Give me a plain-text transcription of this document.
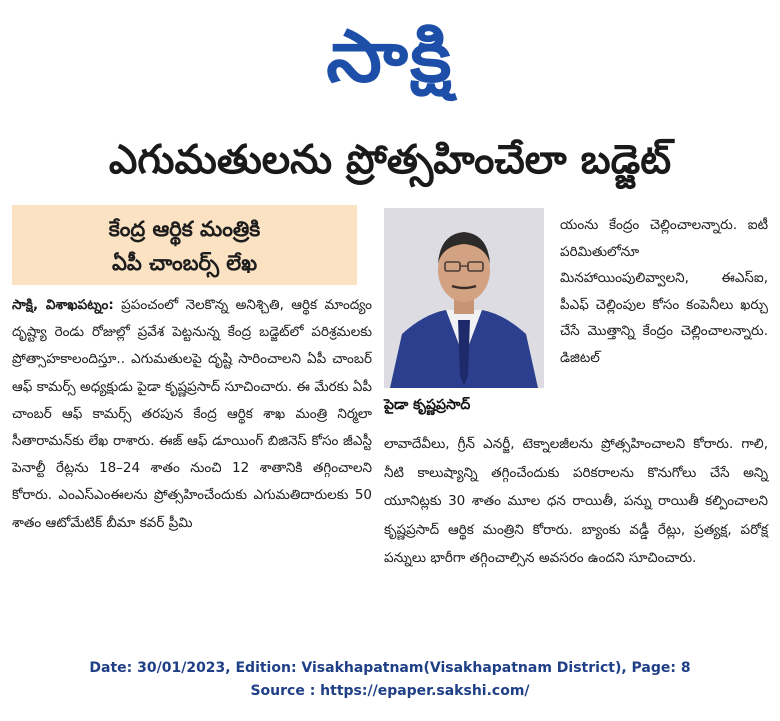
సాక్షి
ఎగుమతులను ప్రోత్సహించేలా బడ్జెట్
కేంద్ర ఆర్థిక మంత్రికి
ఏపీ చాంబర్స్ లేఖ
సాక్షి, విశాఖపట్నం: ప్రపంచంలో నెలకొన్న అనిశ్చితి, ఆర్థిక మాంద్యం దృష్ట్యా రెండు రోజుల్లో ప్రవేశ పెట్టనున్న కేంద్ర బడ్జెట్‌లో పరిశ్రమలకు ప్రోత్సాహకాలందిస్తూ.. ఎగుమతులపై దృష్టి సారించాలని ఏపీ చాంబర్ ఆఫ్ కామర్స్ అధ్యక్షుడు పైడా కృష్ణప్రసాద్ సూచించారు. ఈ మేరకు ఏపీ చాంబర్ ఆఫ్ కామర్స్ తరపున కేంద్ర ఆర్థిక శాఖ మంత్రి నిర్మలా సీతారామన్‌కు లేఖ రాశారు. ఈజ్ ఆఫ్ డూయింగ్ బిజినెస్ కోసం జీఎస్టీ పెనాల్టీ రేట్లను 18–24 శాతం నుంచి 12 శాతానికి తగ్గించాలని కోరారు. ఎంఎస్ఎంఈలను ప్రోత్సహించేందుకు ఎగుమతిదారులకు 50 శాతం ఆటోమేటిక్ బీమా కవర్ ప్రీమి
పైడా కృష్ణప్రసాద్
యంను కేంద్రం చెల్లించాలన్నారు. ఐటీ పరిమితులోనూ మినహాయింపులివ్వాలని, ఈఎస్ఐ, పీఎఫ్ చెల్లింపుల కోసం కంపెనీలు ఖర్చు చేసే మొత్తాన్ని కేంద్రం చెల్లించాలన్నారు. డిజిటల్
లావాదేవీలు, గ్రీన్ ఎనర్జీ, టెక్నాలజీలను ప్రోత్సహించాలని కోరారు. గాలి, నీటి కాలుష్యాన్ని తగ్గించేందుకు పరికరాలను కొనుగోలు చేసే అన్ని యూనిట్లకు 30 శాతం మూల ధన రాయితీ, పన్ను రాయితీ కల్పించాలని కృష్ణప్రసాద్ ఆర్థిక మంత్రిని కోరారు. బ్యాంకు వడ్డీ రేట్లు, ప్రత్యక్ష, పరోక్ష పన్నులు భారీగా తగ్గించాల్సిన అవసరం ఉందని సూచించారు.
Date: 30/01/2023, Edition: Visakhapatnam(Visakhapatnam District), Page: 8
Source : https://epaper.sakshi.com/
